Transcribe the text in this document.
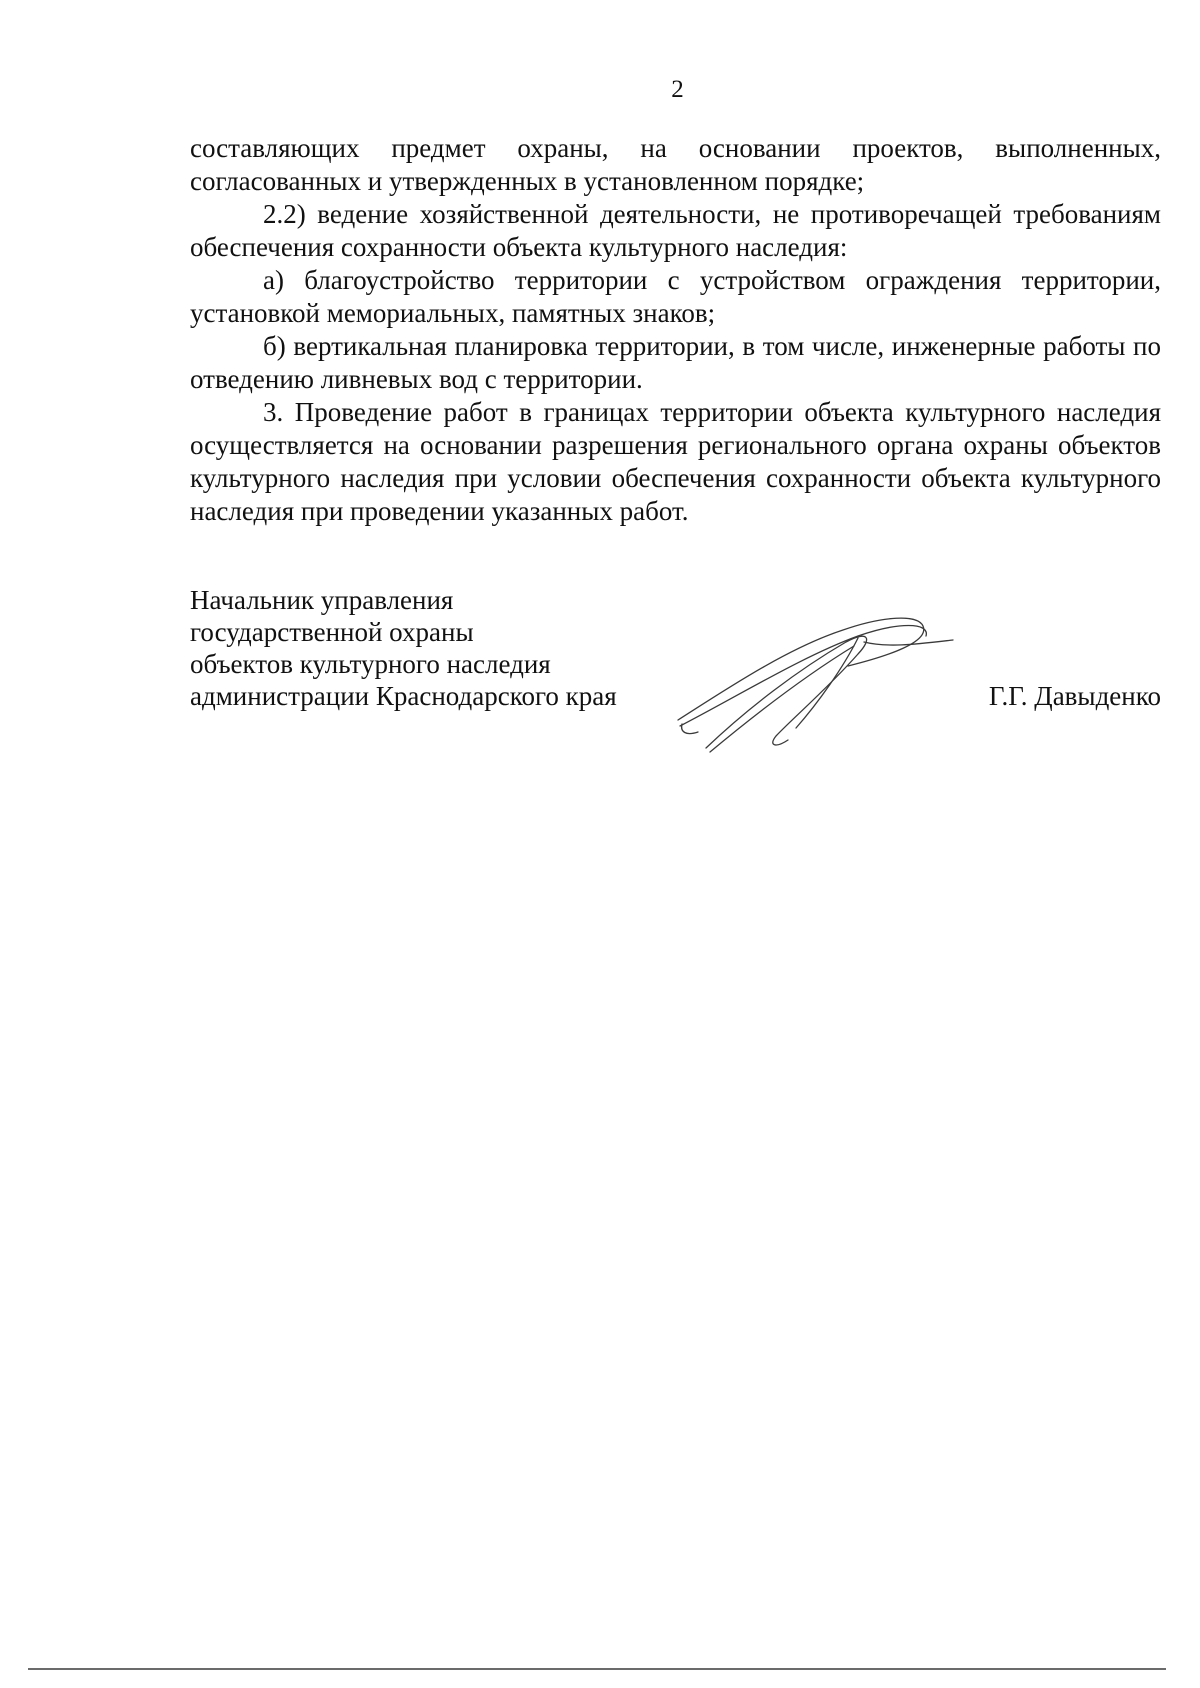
2

составляющих предмет охраны, на основании проектов, выполненных, согласованных и утвержденных в установленном порядке;

2.2) ведение хозяйственной деятельности, не противоречащей требованиям обеспечения сохранности объекта культурного наследия:

а) благоустройство территории с устройством ограждения территории, установкой мемориальных, памятных знаков;

б) вертикальная планировка территории, в том числе, инженерные работы по отведению ливневых вод с территории.

3. Проведение работ в границах территории объекта культурного наследия осуществляется на основании разрешения регионального органа охраны объектов культурного наследия при условии обеспечения сохранности объекта культурного наследия при проведении указанных работ.

Начальник управления
государственной охраны
объектов культурного наследия
администрации Краснодарского края	Г.Г. Давыденко
